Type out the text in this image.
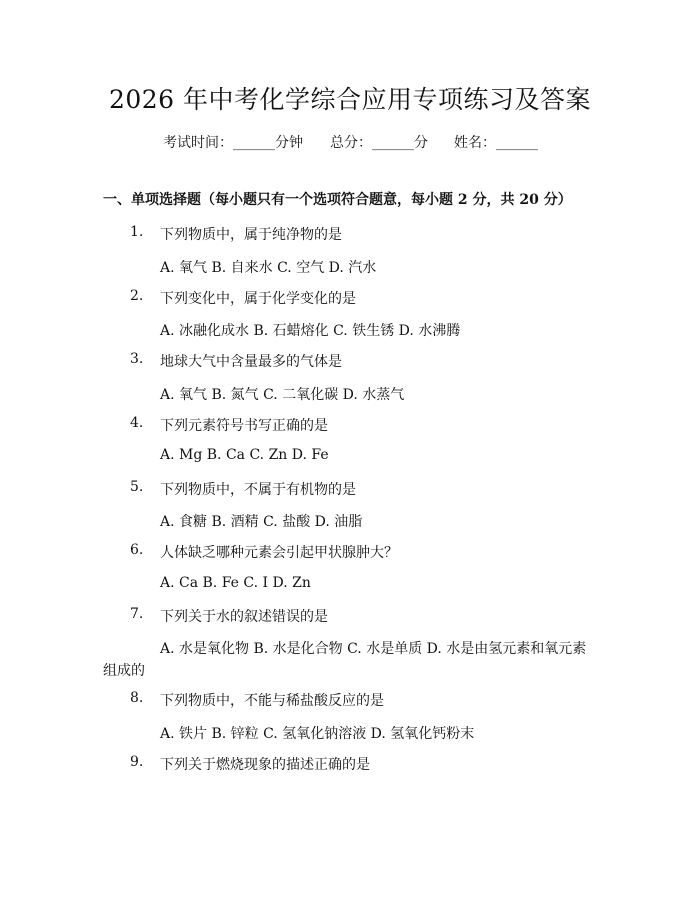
2026 年中考化学综合应用专项练习及答案
考试时间：______分钟 总分：______分 姓名：______
一、单项选择题（每小题只有一个选项符合题意，每小题 2 分，共 20 分）
1. 下列物质中，属于纯净物的是
A. 氧气 B. 自来水 C. 空气 D. 汽水
2. 下列变化中，属于化学变化的是
A. 冰融化成水 B. 石蜡熔化 C. 铁生锈 D. 水沸腾
3. 地球大气中含量最多的气体是
A. 氧气 B. 氮气 C. 二氧化碳 D. 水蒸气
4. 下列元素符号书写正确的是
A. Mg B. Ca C. Zn D. Fe
5. 下列物质中，不属于有机物的是
A. 食糖 B. 酒精 C. 盐酸 D. 油脂
6. 人体缺乏哪种元素会引起甲状腺肿大？
A. Ca B. Fe C. I D. Zn
7. 下列关于水的叙述错误的是
A. 水是氧化物 B. 水是化合物 C. 水是单质 D. 水是由氢元素和氧元素
组成的
8. 下列物质中，不能与稀盐酸反应的是
A. 铁片 B. 锌粒 C. 氢氧化钠溶液 D. 氢氧化钙粉末
9. 下列关于燃烧现象的描述正确的是
